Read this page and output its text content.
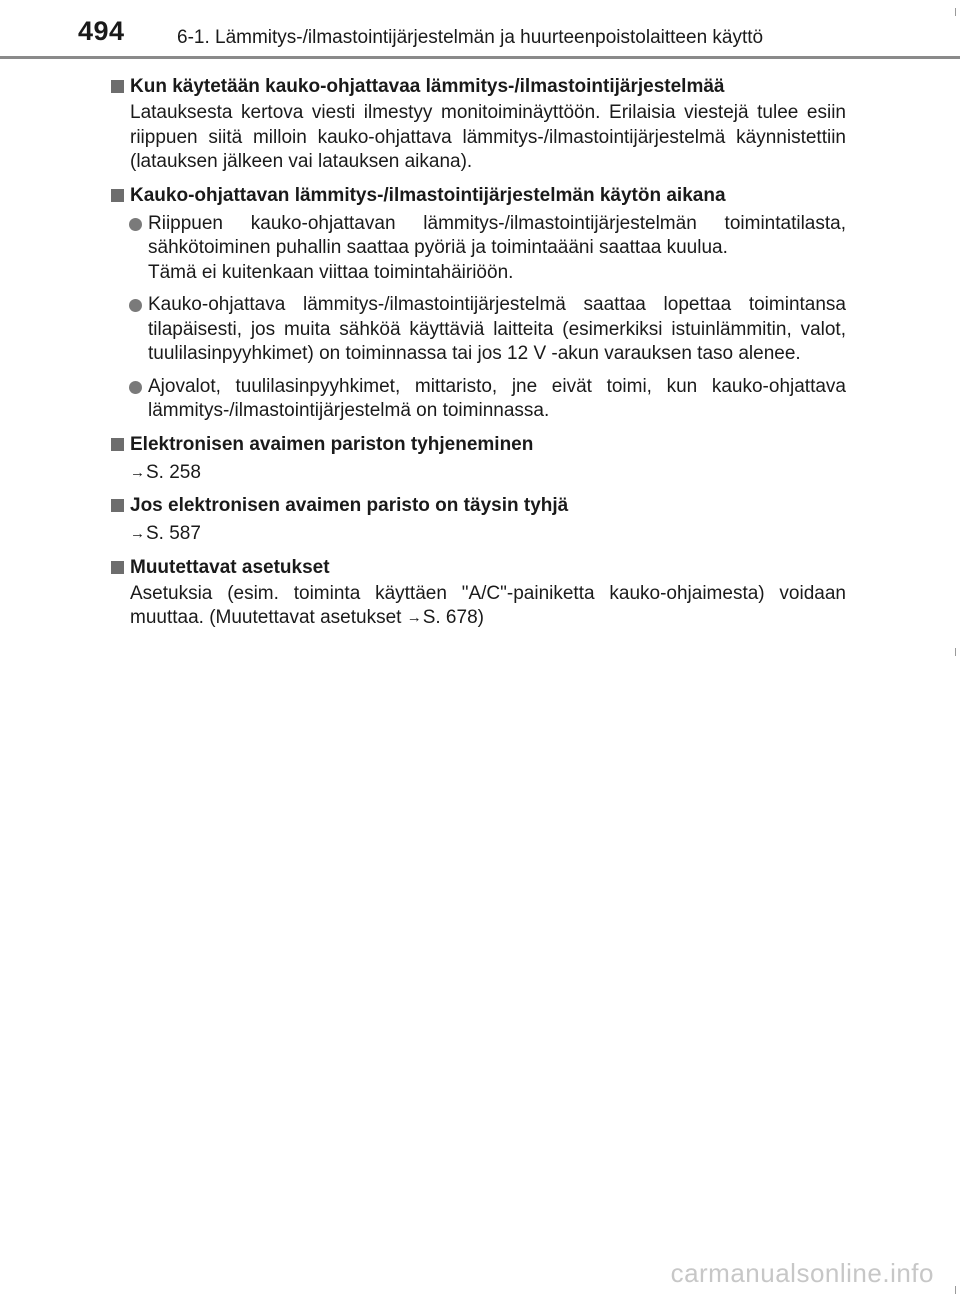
494	6-1. Lämmitys-/ilmastointijärjestelmän ja huurteenpoistolaitteen käyttö
Kun käytetään kauko-ohjattavaa lämmitys-/ilmastointijärjestelmää
Latauksesta kertova viesti ilmestyy monitoiminäyttöön. Erilaisia viestejä tulee esiin riippuen siitä milloin kauko-ohjattava lämmitys-/ilmastointijärjestelmä käynnistettiin (latauksen jälkeen vai latauksen aikana).
Kauko-ohjattavan lämmitys-/ilmastointijärjestelmän käytön aikana
Riippuen kauko-ohjattavan lämmitys-/ilmastointijärjestelmän toimintatilasta, sähkötoiminen puhallin saattaa pyöriä ja toimintaääni saattaa kuulua.
Tämä ei kuitenkaan viittaa toimintahäiriöön.
Kauko-ohjattava lämmitys-/ilmastointijärjestelmä saattaa lopettaa toimintansa tilapäisesti, jos muita sähköä käyttäviä laitteita (esimerkiksi istuinlämmitin, valot, tuulilasinpyyhkimet) on toiminnassa tai jos 12 V -akun varauksen taso alenee.
Ajovalot, tuulilasinpyyhkimet, mittaristo, jne eivät toimi, kun kauko-ohjattava lämmitys-/ilmastointijärjestelmä on toiminnassa.
Elektronisen avaimen pariston tyhjeneminen
→S. 258
Jos elektronisen avaimen paristo on täysin tyhjä
→S. 587
Muutettavat asetukset
Asetuksia (esim. toiminta käyttäen "A/C"-painiketta kauko-ohjaimesta) voidaan muuttaa. (Muutettavat asetukset →S. 678)
carmanualsonline.info
